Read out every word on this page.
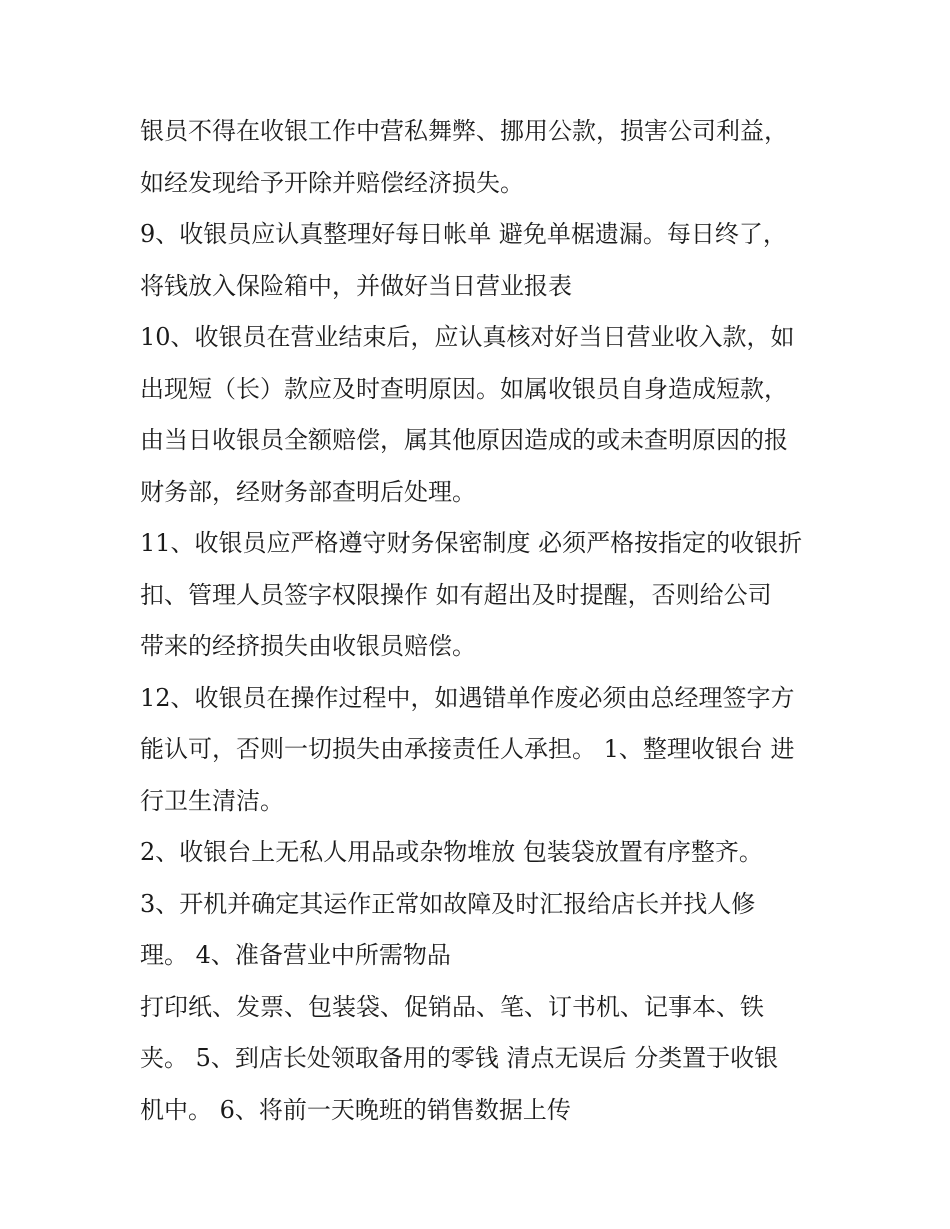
银员不得在收银工作中营私舞弊、挪用公款，损害公司利益，
如经发现给予开除并赔偿经济损失。
9、收银员应认真整理好每日帐单 避免单椐遗漏。每日终了，
将钱放入保险箱中，并做好当日营业报表
10、收银员在营业结束后，应认真核对好当日营业收入款，如
出现短（长）款应及时查明原因。如属收银员自身造成短款，
由当日收银员全额赔偿，属其他原因造成的或未查明原因的报
财务部，经财务部查明后处理。
11、收银员应严格遵守财务保密制度 必须严格按指定的收银折
扣、管理人员签字权限操作 如有超出及时提醒，否则给公司
带来的经挤损失由收银员赔偿。
12、收银员在操作过程中，如遇错单作废必须由总经理签字方
能认可，否则一切损失由承接责任人承担。 1、整理收银台 进
行卫生清洁。
2、收银台上无私人用品或杂物堆放 包装袋放置有序整齐。
3、开机并确定其运作正常如故障及时汇报给店长并找人修
理。 4、准备营业中所需物品
打印纸、发票、包装袋、促销品、笔、订书机、记事本、铁
夹。 5、到店长处领取备用的零钱 清点无误后 分类置于收银
机中。 6、将前一天晚班的销售数据上传
